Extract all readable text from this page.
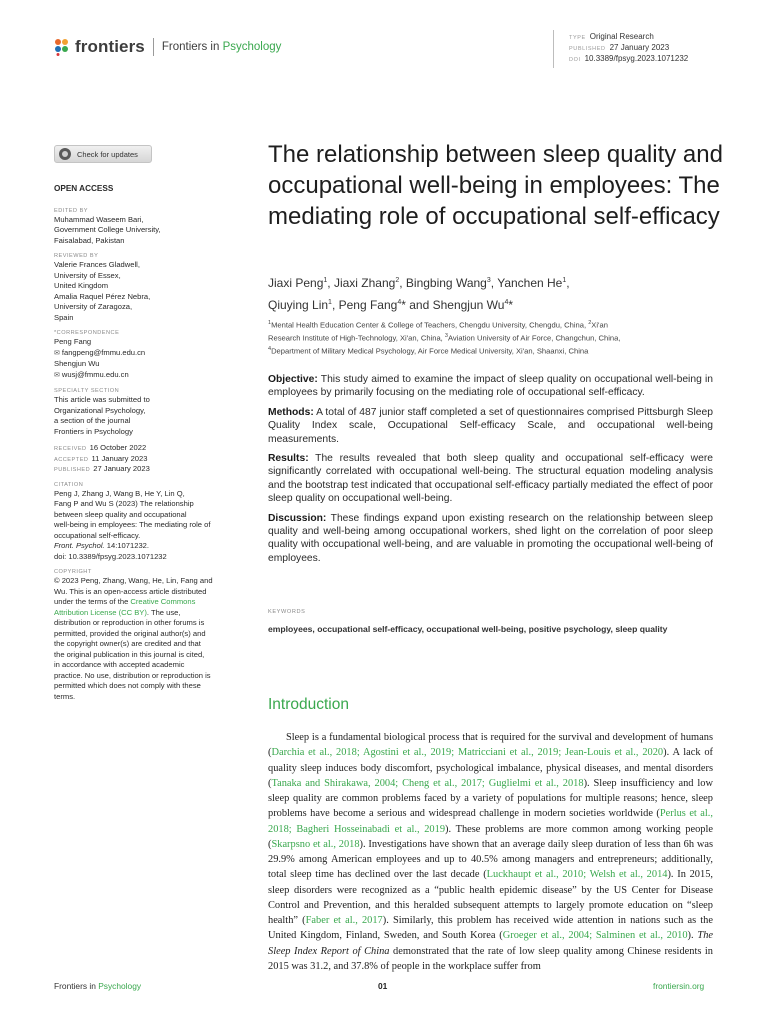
frontiers Frontiers in Psychology
TYPE Original Research
PUBLISHED 27 January 2023
DOI 10.3389/fpsyg.2023.1071232
Check for updates
OPEN ACCESS
EDITED BY
Muhammad Waseem Bari,
Government College University,
Faisalabad, Pakistan
REVIEWED BY
Valerie Frances Gladwell,
University of Essex,
United Kingdom
Amalia Raquel Pérez Nebra,
University of Zaragoza,
Spain
*CORRESPONDENCE
Peng Fang
✉ fangpeng@fmmu.edu.cn
Shengjun Wu
✉ wusj@fmmu.edu.cn
SPECIALTY SECTION
This article was submitted to
Organizational Psychology,
a section of the journal
Frontiers in Psychology
RECEIVED 16 October 2022
ACCEPTED 11 January 2023
PUBLISHED 27 January 2023
CITATION
Peng J, Zhang J, Wang B, He Y, Lin Q,
Fang P and Wu S (2023) The relationship
between sleep quality and occupational
well-being in employees: The mediating role of
occupational self-efficacy.
Front. Psychol. 14:1071232.
doi: 10.3389/fpsyg.2023.1071232
COPYRIGHT
© 2023 Peng, Zhang, Wang, He, Lin, Fang and
Wu. This is an open-access article distributed
under the terms of the Creative Commons
Attribution License (CC BY). The use,
distribution or reproduction in other forums is
permitted, provided the original author(s) and
the copyright owner(s) are credited and that
the original publication in this journal is cited,
in accordance with accepted academic
practice. No use, distribution or reproduction is
permitted which does not comply with these
terms.
The relationship between sleep quality and occupational well-being in employees: The mediating role of occupational self-efficacy
Jiaxi Peng$^1$, Jiaxi Zhang$^2$, Bingbing Wang$^3$, Yanchen He$^1$,
Qiuying Lin$^1$, Peng Fang$^4$* and Shengjun Wu$^4$*
$^1$Mental Health Education Center & College of Teachers, Chengdu University, Chengdu, China, $^2$Xi'an
Research Institute of High-Technology, Xi'an, China, $^3$Aviation University of Air Force, Changchun, China,
$^4$Department of Military Medical Psychology, Air Force Medical University, Xi'an, Shaanxi, China

Objective: This study aimed to examine the impact of sleep quality on occupational well-being in employees by primarily focusing on the mediating role of occupational self-efficacy.

Methods: A total of 487 junior staff completed a set of questionnaires comprised Pittsburgh Sleep Quality Index scale, Occupational Self-efficacy Scale, and occupational well-being measurements.

Results: The results revealed that both sleep quality and occupational self-efficacy were significantly correlated with occupational well-being. The structural equation modeling analysis and the bootstrap test indicated that occupational self-efficacy partially mediated the effect of poor sleep quality on occupational well-being.

Discussion: These findings expand upon existing research on the relationship between sleep quality and well-being among occupational workers, shed light on the correlation of poor sleep quality with occupational well-being, and are valuable in promoting the occupational well-being of employees.

KEYWORDS
employees, occupational self-efficacy, occupational well-being, positive psychology, sleep quality
Introduction

Sleep is a fundamental biological process that is required for the survival and development of humans (Darchia et al., 2018; Agostini et al., 2019; Matricciani et al., 2019; Jean-Louis et al., 2020). A lack of quality sleep induces body discomfort, psychological imbalance, physical diseases, and mental disorders (Tanaka and Shirakawa, 2004; Cheng et al., 2017; Guglielmi et al., 2018). Sleep insufficiency and low sleep quality are common problems faced by a variety of populations for multiple reasons; hence, sleep problems have become a serious and widespread challenge in modern societies worldwide (Perlus et al., 2018; Bagheri Hosseinabadi et al., 2019). These problems are more common among working people (Skarpsno et al., 2018). Investigations have shown that an average daily sleep duration of less than 6h was 29.9% among American employees and up to 40.5% among managers and entrepreneurs; additionally, total sleep time has declined over the last decade (Luckhaupt et al., 2010; Welsh et al., 2014). In 2015, sleep disorders were recognized as a “public health epidemic disease” by the US Center for Disease Control and Prevention, and this heralded subsequent attempts to largely promote education on “sleep health” (Faber et al., 2017). Similarly, this problem has received wide attention in nations such as the United Kingdom, Finland, Sweden, and South Korea (Groeger et al., 2004; Salminen et al., 2010). The Sleep Index Report of China demonstrated that the rate of low sleep quality among Chinese residents in 2015 was 31.2, and 37.8% of people in the workplace suffer from

Frontiers in Psychology	01	frontiersin.org
